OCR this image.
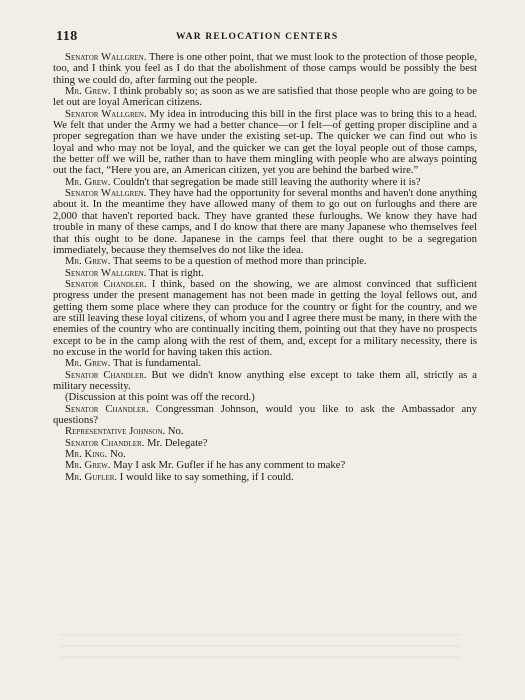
118	WAR RELOCATION CENTERS

Senator Wallgren. There is one other point, that we must look to the protection of those people, too, and I think you feel as I do that the abolishment of those camps would be possibly the best thing we could do, after farming out the people.

Mr. Grew. I think probably so; as soon as we are satisfied that those people who are going to be let out are loyal American citizens.

Senator Wallgren. My idea in introducing this bill in the first place was to bring this to a head. We felt that under the Army we had a better chance—or I felt—of getting proper discipline and a proper segregation than we have under the existing set-up. The quicker we can find out who is loyal and who may not be loyal, and the quicker we can get the loyal people out of those camps, the better off we will be, rather than to have them mingling with people who are always pointing out the fact, “Here you are, an American citizen, yet you are behind the barbed wire.”

Mr. Grew. Couldn't that segregation be made still leaving the authority where it is?

Senator Wallgren. They have had the opportunity for several months and haven't done anything about it. In the meantime they have allowed many of them to go out on furloughs and there are 2,000 that haven't reported back. They have granted these furloughs. We know they have had trouble in many of these camps, and I do know that there are many Japanese who themselves feel that this ought to be done. Japanese in the camps feel that there ought to be a segregation immediately, because they themselves do not like the idea.

Mr. Grew. That seems to be a question of method more than principle.

Senator Wallgren. That is right.

Senator Chandler. I think, based on the showing, we are almost convinced that sufficient progress under the present management has not been made in getting the loyal fellows out, and getting them some place where they can produce for the country or fight for the country, and we are still leaving these loyal citizens, of whom you and I agree there must be many, in there with the enemies of the country who are continually inciting them, pointing out that they have no prospects except to be in the camp along with the rest of them, and, except for a military necessity, there is no excuse in the world for having taken this action.

Mr. Grew. That is fundamental.

Senator Chandler. But we didn't know anything else except to take them all, strictly as a military necessity.

(Discussion at this point was off the record.)

Senator Chandler. Congressman Johnson, would you like to ask the Ambassador any questions?

Representative Johnson. No.

Senator Chandler. Mr. Delegate?

Mr. King. No.

Mr. Grew. May I ask Mr. Gufler if he has any comment to make?

Mr. Gufler. I would like to say something, if I could.
